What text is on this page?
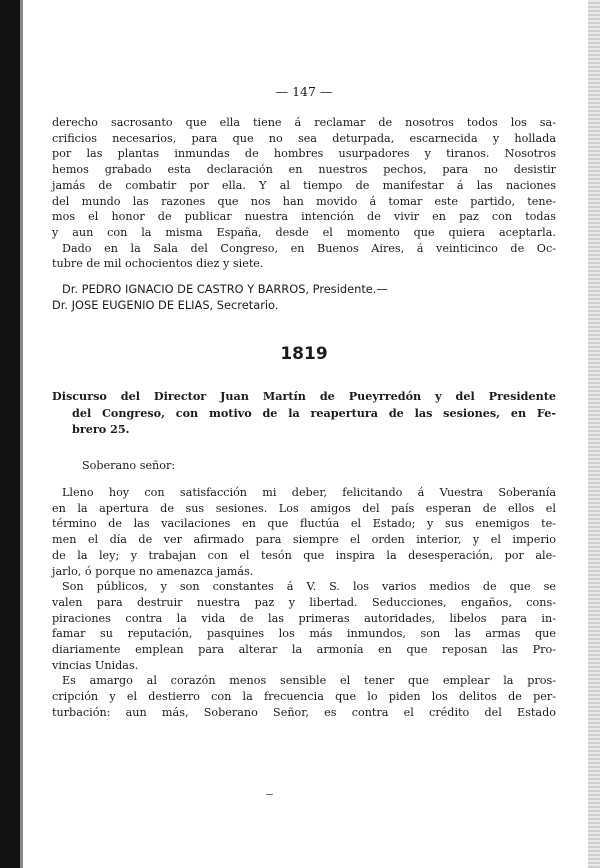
— 147 —
derecho sacrosanto que ella tiene á reclamar de nosotros todos los sa-
crificios necesarios, para que no sea deturpada, escarnecida y hollada
por las plantas inmundas de hombres usurpadores y tiranos. Nosotros
hemos grabado esta declaración en nuestros pechos, para no desistir
jamás de combatir por ella. Y al tiempo de manifestar á las naciones
del mundo las razones que nos han movido á tomar este partido, tene-
mos el honor de publicar nuestra intención de vivir en paz con todas
y aun con la misma España, desde el momento que quiera aceptarla.
Dado en la Sala del Congreso, en Buenos Aires, á veinticinco de Oc-
tubre de mil ochocientos diez y siete.
Dr. PEDRO IGNACIO DE CASTRO Y BARROS, Presidente.—
Dr. JOSE EUGENIO DE ELIAS, Secretario.
1819
Discurso del Director Juan Martín de Pueyrredón y del Presidente
del Congreso, con motivo de la reapertura de las sesiones, en Fe-
brero 25.
Soberano señor:
Lleno hoy con satisfacción mi deber, felicitando á Vuestra Soberanía
en la apertura de sus sesiones. Los amigos del país esperan de ellos el
término de las vacilaciones en que fluctúa el Estado; y sus enemigos te-
men el día de ver afirmado para siempre el orden interior, y el imperio
de la ley; y trabajan con el tesón que inspira la desesperación, por ale-
jarlo, ó porque no amenazca jamás.
Son públicos, y son constantes á V. S. los varios medios de que se
valen para destruir nuestra paz y libertad. Seducciones, engaños, cons-
piraciones contra la vida de las primeras autoridades, libelos para in-
famar su reputación, pasquines los más inmundos, son las armas que
diariamente emplean para alterar la armonía en que reposan las Pro-
vincias Unidas.
Es amargo al corazón menos sensible el tener que emplear la pros-
cripción y el destierro con la frecuencia que lo piden los delitos de per-
turbación: aun más, Soberano Señor, es contra el crédito del Estado
